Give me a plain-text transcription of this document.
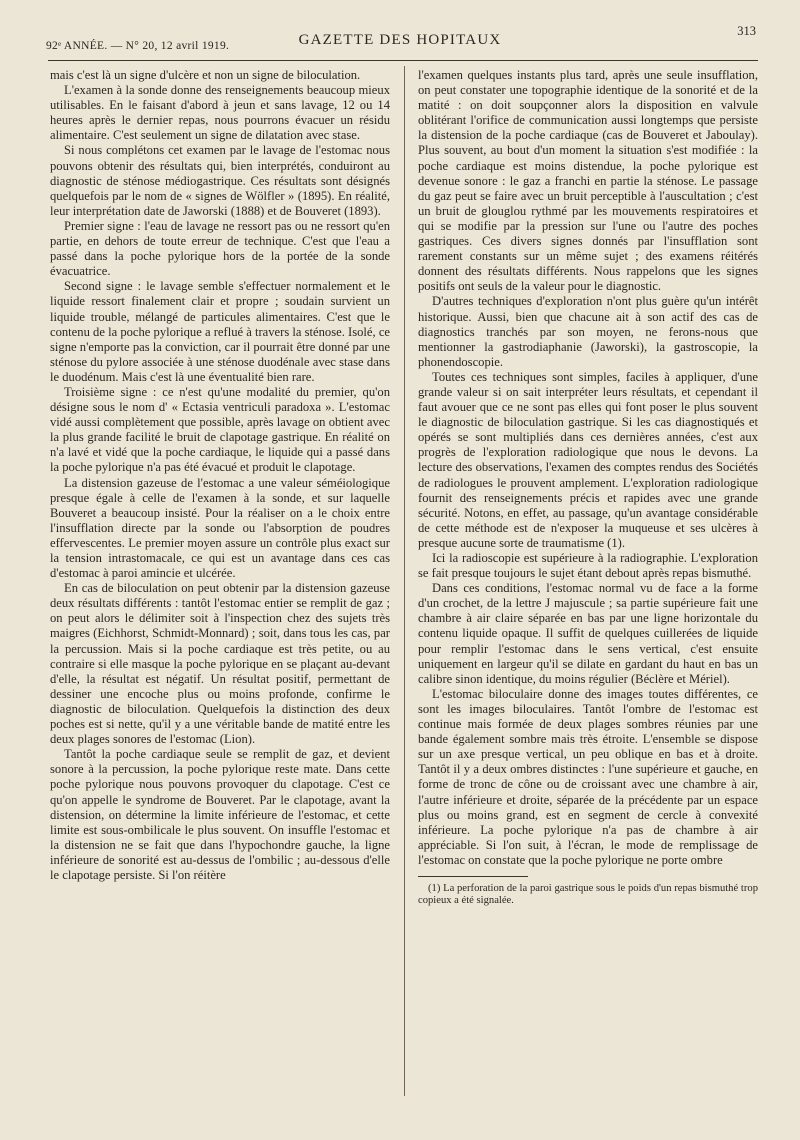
92ᵉ ANNÉE. — N° 20, 12 avril 1919.	GAZETTE DES HOPITAUX
313

mais c'est là un signe d'ulcère et non un signe de biloculation.

L'examen à la sonde donne des renseignements beaucoup mieux utilisables. En le faisant d'abord à jeun et sans lavage, 12 ou 14 heures après le dernier repas, nous pourrons évacuer un résidu alimentaire. C'est seulement un signe de dilatation avec stase.

Si nous complétons cet examen par le lavage de l'estomac nous pouvons obtenir des résultats qui, bien interprétés, conduiront au diagnostic de sténose médiogastrique. Ces résultats sont désignés quelquefois par le nom de « signes de Wölfler » (1895). En réalité, leur interprétation date de Jaworski (1888) et de Bouveret (1893).

Premier signe : l'eau de lavage ne ressort pas ou ne ressort qu'en partie, en dehors de toute erreur de technique. C'est que l'eau a passé dans la poche pylorique hors de la portée de la sonde évacuatrice.

Second signe : le lavage semble s'effectuer normalement et le liquide ressort finalement clair et propre ; soudain survient un liquide trouble, mélangé de particules alimentaires. C'est que le contenu de la poche pylorique a reflué à travers la sténose. Isolé, ce signe n'emporte pas la conviction, car il pourrait être donné par une sténose du pylore associée à une sténose duodénale avec stase dans le duodénum. Mais c'est là une éventualité bien rare.

Troisième signe : ce n'est qu'une modalité du premier, qu'on désigne sous le nom d' « Ectasia ventriculi paradoxa ». L'estomac vidé aussi complètement que possible, après lavage on obtient avec la plus grande facilité le bruit de clapotage gastrique. En réalité on n'a lavé et vidé que la poche cardiaque, le liquide qui a passé dans la poche pylorique n'a pas été évacué et produit le clapotage.

La distension gazeuse de l'estomac a une valeur séméiologique presque égale à celle de l'examen à la sonde, et sur laquelle Bouveret a beaucoup insisté. Pour la réaliser on a le choix entre l'insufflation directe par la sonde ou l'absorption de poudres effervescentes. Le premier moyen assure un contrôle plus exact sur la tension intrastomacale, ce qui est un avantage dans ces cas d'estomac à paroi amincie et ulcérée.

En cas de biloculation on peut obtenir par la distension gazeuse deux résultats différents : tantôt l'estomac entier se remplit de gaz ; on peut alors le délimiter soit à l'inspection chez des sujets très maigres (Eichhorst, Schmidt-Monnard) ; soit, dans tous les cas, par la percussion. Mais si la poche cardiaque est très petite, ou au contraire si elle masque la poche pylorique en se plaçant au-devant d'elle, la résultat est négatif. Un résultat positif, permettant de dessiner une encoche plus ou moins profonde, confirme le diagnostic de biloculation. Quelquefois la distinction des deux poches est si nette, qu'il y a une véritable bande de matité entre les deux plages sonores de l'estomac (Lion).

Tantôt la poche cardiaque seule se remplit de gaz, et devient sonore à la percussion, la poche pylorique reste mate. Dans cette poche pylorique nous pouvons provoquer du clapotage. C'est ce qu'on appelle le syndrome de Bouveret. Par le clapotage, avant la distension, on détermine la limite inférieure de l'estomac, et cette limite est sous-ombilicale le plus souvent. On insuffle l'estomac et la distension ne se fait que dans l'hypochondre gauche, la ligne inférieure de sonorité est au-dessus de l'ombilic ; au-dessous d'elle le clapotage persiste. Si l'on réitère

l'examen quelques instants plus tard, après une seule insufflation, on peut constater une topographie identique de la sonorité et de la matité : on doit soupçonner alors la disposition en valvule oblitérant l'orifice de communication aussi longtemps que persiste la distension de la poche cardiaque (cas de Bouveret et Jaboulay). Plus souvent, au bout d'un moment la situation s'est modifiée : la poche cardiaque est moins distendue, la poche pylorique est devenue sonore : le gaz a franchi en partie la sténose. Le passage du gaz peut se faire avec un bruit perceptible à l'auscultation ; c'est un bruit de glouglou rythmé par les mouvements respiratoires et qui se modifie par la pression sur l'une ou l'autre des poches gastriques. Ces divers signes donnés par l'insufflation sont rarement constants sur un même sujet ; des examens réitérés donnent des résultats différents. Nous rappelons que les signes positifs ont seuls de la valeur pour le diagnostic.

D'autres techniques d'exploration n'ont plus guère qu'un intérêt historique. Aussi, bien que chacune ait à son actif des cas de diagnostics tranchés par son moyen, ne ferons-nous que mentionner la gastrodiaphanie (Jaworski), la gastroscopie, la phonendoscopie.

Toutes ces techniques sont simples, faciles à appliquer, d'une grande valeur si on sait interpréter leurs résultats, et cependant il faut avouer que ce ne sont pas elles qui font poser le plus souvent le diagnostic de biloculation gastrique. Si les cas diagnostiqués et opérés se sont multipliés dans ces dernières années, c'est aux progrès de l'exploration radiologique que nous le devons. La lecture des observations, l'examen des comptes rendus des Sociétés de radiologues le prouvent amplement. L'exploration radiologique fournit des renseignements précis et rapides avec une grande sécurité. Notons, en effet, au passage, qu'un avantage considérable de cette méthode est de n'exposer la muqueuse et ses ulcères à presque aucune sorte de traumatisme (1).

Ici la radioscopie est supérieure à la radiographie. L'exploration se fait presque toujours le sujet étant debout après repas bismuthé.

Dans ces conditions, l'estomac normal vu de face a la forme d'un crochet, de la lettre J majuscule ; sa partie supérieure fait une chambre à air claire séparée en bas par une ligne horizontale du contenu liquide opaque. Il suffit de quelques cuillerées de liquide pour remplir l'estomac dans le sens vertical, c'est ensuite uniquement en largeur qu'il se dilate en gardant du haut en bas un calibre sinon identique, du moins régulier (Béclère et Mériel).

L'estomac biloculaire donne des images toutes différentes, ce sont les images biloculaires. Tantôt l'ombre de l'estomac est continue mais formée de deux plages sombres réunies par une bande également sombre mais très étroite. L'ensemble se dispose sur un axe presque vertical, un peu oblique en bas et à droite. Tantôt il y a deux ombres distinctes : l'une supérieure et gauche, en forme de tronc de cône ou de croissant avec une chambre à air, l'autre inférieure et droite, séparée de la précédente par un espace plus ou moins grand, est en segment de cercle à convexité inférieure. La poche pylorique n'a pas de chambre à air appréciable. Si l'on suit, à l'écran, le mode de remplissage de l'estomac on constate que la poche pylorique ne porte ombre

(1) La perforation de la paroi gastrique sous le poids d'un repas bismuthé trop copieux a été signalée.
